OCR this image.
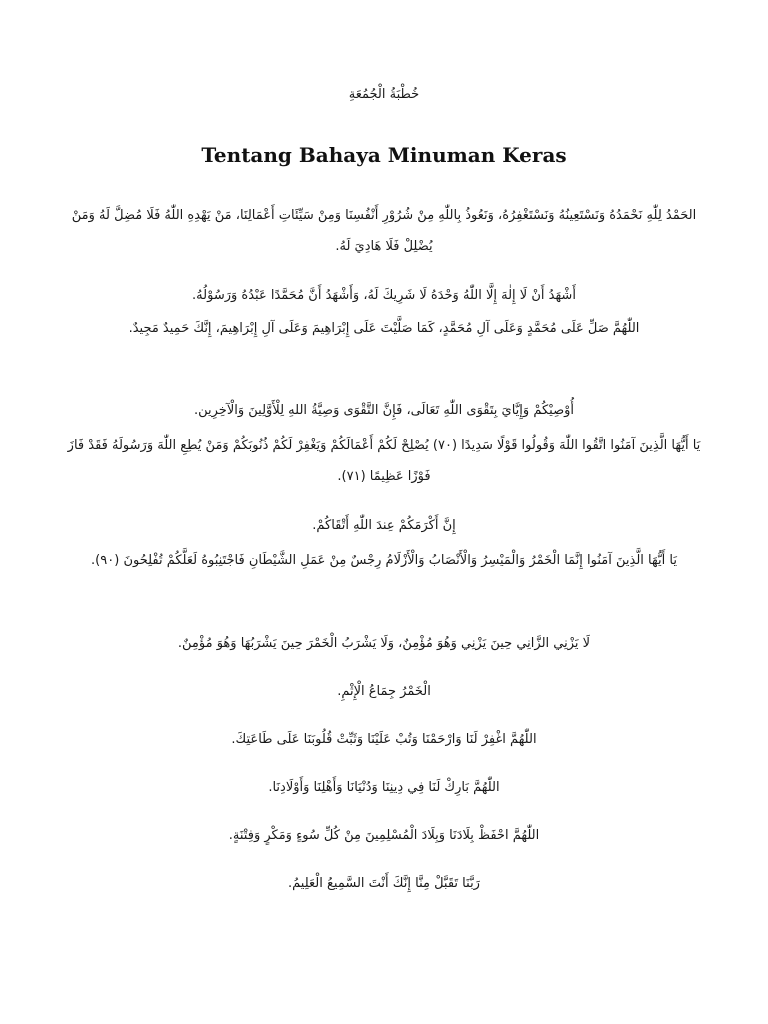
خُطْبَةُ الْجُمُعَةِ
Tentang Bahaya Minuman Keras

الحَمْدُ لِلّٰهِ نَحْمَدُهُ وَنَسْتَعِينُهُ وَنَسْتَغْفِرُهُ، وَنَعُوذُ بِاللّٰهِ مِنْ شُرُوْرِ أَنْفُسِنَا وَمِنْ سَيِّئَاتِ أَعْمَالِنَا، مَنْ يَهْدِهِ اللّٰهُ فَلَا مُضِلَّ لَهُ وَمَنْ يُضْلِلْ فَلَا هَادِيَ لَهُ.

أَشْهَدُ أَنْ لَا إِلٰهَ إِلَّا اللّٰهُ وَحْدَهُ لَا شَرِيكَ لَهُ، وَأَشْهَدُ أَنَّ مُحَمَّدًا عَبْدُهُ وَرَسُوْلُهُ.

اللّٰهُمَّ صَلِّ عَلَى مُحَمَّدٍ وَعَلَى آلِ مُحَمَّدٍ، كَمَا صَلَّيْتَ عَلَى إِبْرَاهِيمَ وَعَلَى آلِ إِبْرَاهِيمَ، إِنَّكَ حَمِيدٌ مَجِيدٌ.

أُوْصِيْكُمْ وَإِيَّايَ بِتَقْوَى اللّٰهِ تَعَالَى، فَإِنَّ التَّقْوَى وَصِيَّةُ اللهِ لِلْأَوَّلِينَ وَالْآخِرِين.

يَا أَيُّهَا الَّذِينَ آمَنُوا اتَّقُوا اللّٰهَ وَقُولُوا قَوْلًا سَدِيدًا (٧٠) يُصْلِحْ لَكُمْ أَعْمَالَكُمْ وَيَغْفِرْ لَكُمْ ذُنُوبَكُمْ وَمَنْ يُطِعِ اللّٰهَ وَرَسُولَهُ فَقَدْ فَازَ فَوْزًا عَظِيمًا (٧١).

إِنَّ أَكْرَمَكُمْ عِندَ اللّٰهِ أَتْقَاكُمْ.

يَا أَيُّهَا الَّذِينَ آمَنُوا إِنَّمَا الْخَمْرُ وَالْمَيْسِرُ وَالْأَنْصَابُ وَالْأَزْلَامُ رِجْسٌ مِنْ عَمَلِ الشَّيْطَانِ فَاجْتَنِبُوهُ لَعَلَّكُمْ تُفْلِحُونَ (٩٠).

لَا يَزْنِي الزَّانِي حِينَ يَزْنِي وَهُوَ مُؤْمِنٌ، وَلَا يَشْرَبُ الْخَمْرَ حِينَ يَشْرَبُهَا وَهُوَ مُؤْمِنٌ.

الْخَمْرُ جِمَاعُ الْإِثْمِ.

اللّٰهُمَّ اغْفِرْ لَنَا وَارْحَمْنَا وَتُبْ عَلَيْنَا وَثَبِّتْ قُلُوبَنَا عَلَى طَاعَتِكَ.

اللّٰهُمَّ بَارِكْ لَنَا فِي دِينِنَا وَدُنْيَانَا وَأَهْلِنَا وَأَوْلَادِنَا.

اللّٰهُمَّ احْفَظْ بِلَادَنَا وَبِلَادَ الْمُسْلِمِينَ مِنْ كُلِّ سُوءٍ وَمَكْرٍ وَفِتْنَةٍ.

رَبَّنَا تَقَبَّلْ مِنَّا إِنَّكَ أَنْتَ السَّمِيعُ الْعَلِيمُ.
